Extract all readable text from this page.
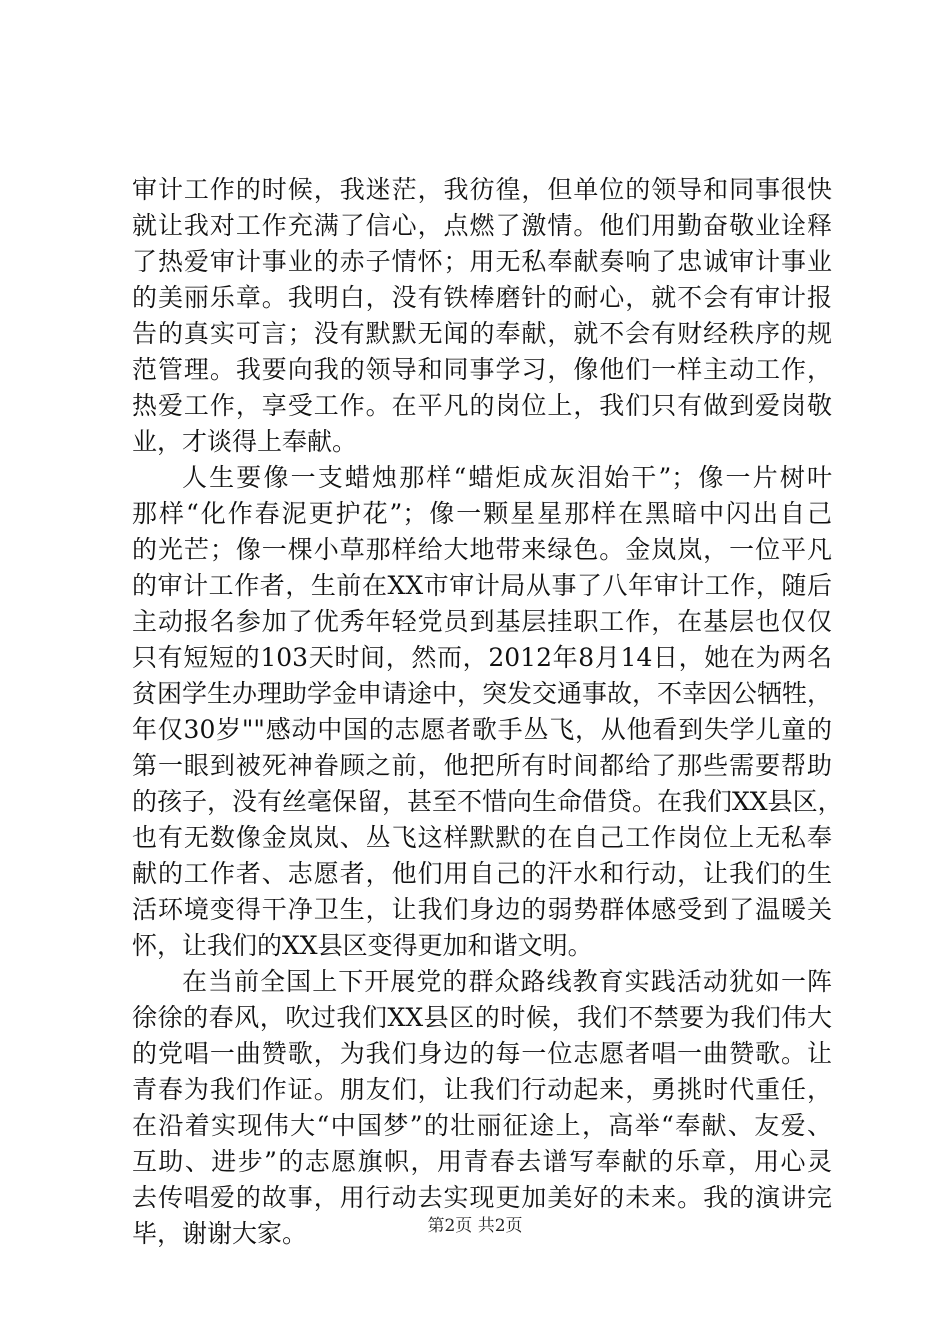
审计工作的时候，我迷茫，我彷徨，但单位的领导和同事很快
就让我对工作充满了信心，点燃了激情。他们用勤奋敬业诠释
了热爱审计事业的赤子情怀；用无私奉献奏响了忠诚审计事业
的美丽乐章。我明白，没有铁棒磨针的耐心，就不会有审计报
告的真实可言；没有默默无闻的奉献，就不会有财经秩序的规
范管理。我要向我的领导和同事学习，像他们一样主动工作，
热爱工作，享受工作。在平凡的岗位上，我们只有做到爱岗敬
业，才谈得上奉献。
人生要像一支蜡烛那样“蜡炬成灰泪始干”；像一片树叶
那样“化作春泥更护花”；像一颗星星那样在黑暗中闪出自己
的光芒；像一棵小草那样给大地带来绿色。金岚岚，一位平凡
的审计工作者，生前在XX市审计局从事了八年审计工作，随后
主动报名参加了优秀年轻党员到基层挂职工作，在基层也仅仅
只有短短的103天时间，然而，2012年8月14日，她在为两名
贫困学生办理助学金申请途中，突发交通事故，不幸因公牺牲，
年仅30岁""感动中国的志愿者歌手丛飞，从他看到失学儿童的
第一眼到被死神眷顾之前，他把所有时间都给了那些需要帮助
的孩子，没有丝毫保留，甚至不惜向生命借贷。在我们XX县区，
也有无数像金岚岚、丛飞这样默默的在自己工作岗位上无私奉
献的工作者、志愿者，他们用自己的汗水和行动，让我们的生
活环境变得干净卫生，让我们身边的弱势群体感受到了温暖关
怀，让我们的XX县区变得更加和谐文明。
在当前全国上下开展党的群众路线教育实践活动犹如一阵
徐徐的春风，吹过我们XX县区的时候，我们不禁要为我们伟大
的党唱一曲赞歌，为我们身边的每一位志愿者唱一曲赞歌。让
青春为我们作证。朋友们，让我们行动起来，勇挑时代重任，
在沿着实现伟大“中国梦”的壮丽征途上，高举“奉献、友爱、
互助、进步”的志愿旗帜，用青春去谱写奉献的乐章，用心灵
去传唱爱的故事，用行动去实现更加美好的未来。我的演讲完
毕，谢谢大家。	第2页 共2页
